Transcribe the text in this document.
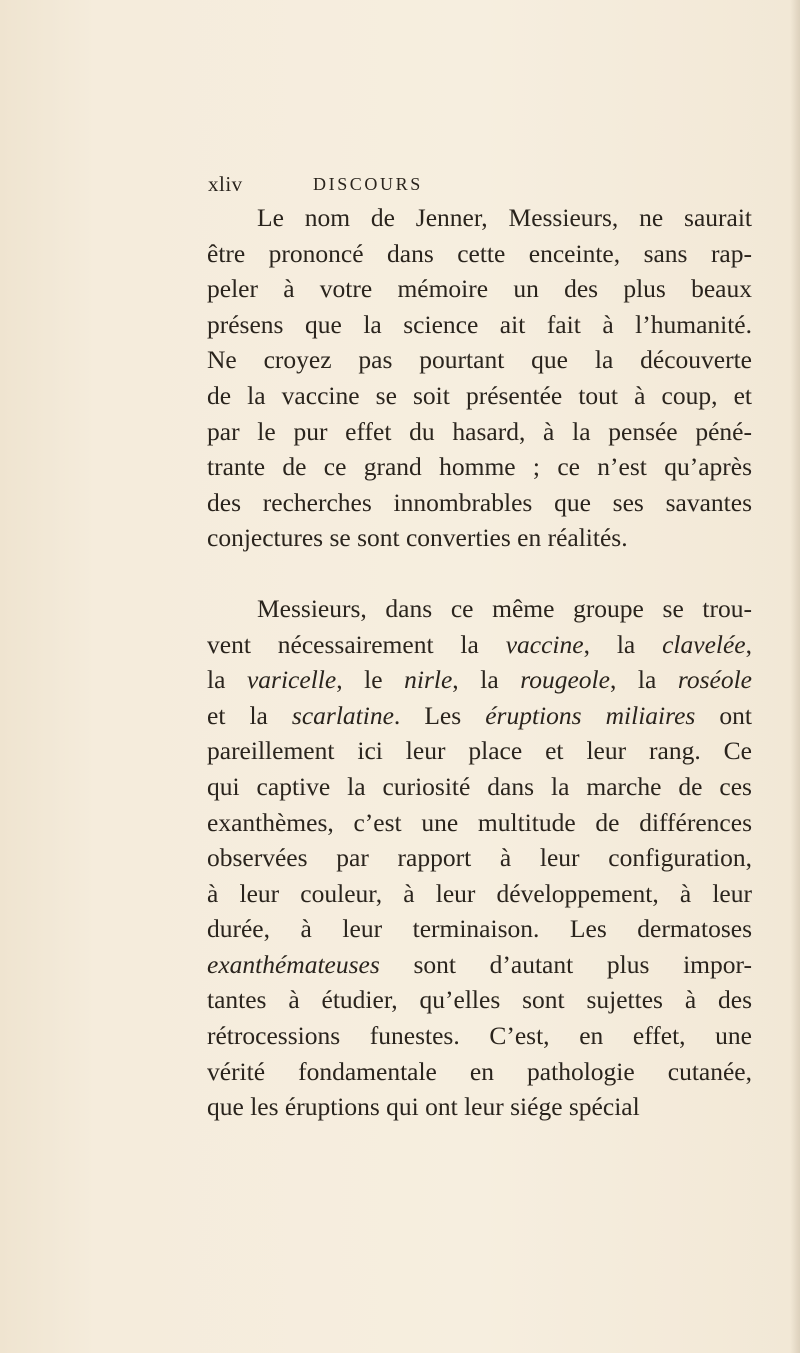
xliv	DISCOURS
Le nom de Jenner, Messieurs, ne saurait
être prononcé dans cette enceinte, sans rap-
peler à votre mémoire un des plus beaux
présens que la science ait fait à l’humanité.
Ne croyez pas pourtant que la découverte
de la vaccine se soit présentée tout à coup, et
par le pur effet du hasard, à la pensée péné-
trante de ce grand homme ; ce n’est qu’après
des recherches innombrables que ses savantes
conjectures se sont converties en réalités.
Messieurs, dans ce même groupe se trou-
vent nécessairement la vaccine, la clavelée,
la varicelle, le nirle, la rougeole, la roséole
et la scarlatine. Les éruptions miliaires ont
pareillement ici leur place et leur rang. Ce
qui captive la curiosité dans la marche de ces
exanthèmes, c’est une multitude de différences
observées par rapport à leur configuration,
à leur couleur, à leur développement, à leur
durée, à leur terminaison. Les dermatoses
exanthémateuses sont d’autant plus impor-
tantes à étudier, qu’elles sont sujettes à des
rétrocessions funestes. C’est, en effet, une
vérité fondamentale en pathologie cutanée,
que les éruptions qui ont leur siége spécial
